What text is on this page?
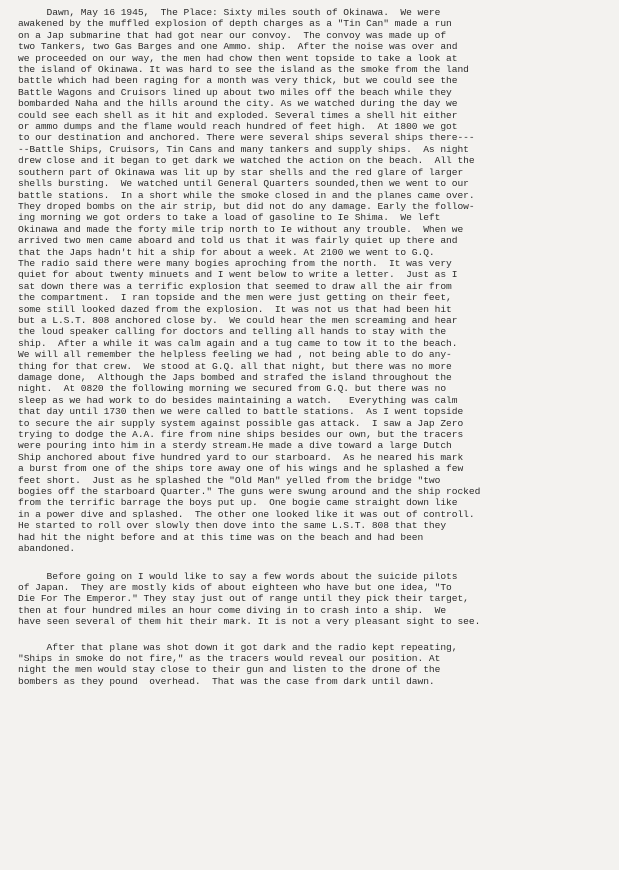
Dawn, May 16 1945,  The Place: Sixty miles south of Okinawa.  We were
awakened by the muffled explosion of depth charges as a "Tin Can" made a run
on a Jap submarine that had got near our convoy.  The convoy was made up of
two Tankers, two Gas Barges and one Ammo. ship.  After the noise was over and
we proceeded on our way, the men had chow then went topside to take a look at
the island of Okinawa. It was hard to see the island as the smoke from the land
battle which had been raging for a month was very thick, but we could see the
Battle Wagons and Cruisors lined up about two miles off the beach while they
bombarded Naha and the hills around the city. As we watched during the day we
could see each shell as it hit and exploded. Several times a shell hit either
or ammo dumps and the flame would reach hundred of feet high.  At 1800 we got
to our destination and anchored. There were several ships several ships there---
--Battle Ships, Cruisors, Tin Cans and many tankers and supply ships.  As night
drew close and it began to get dark we watched the action on the beach.  All the
southern part of Okinawa was lit up by star shells and the red glare of larger
shells bursting.  We watched until General Quarters sounded,then we went to our
battle stations.  In a short while the smoke closed in and the planes came over.
They droped bombs on the air strip, but did not do any damage. Early the follow-
ing morning we got orders to take a load of gasoline to Ie Shima.  We left
Okinawa and made the forty mile trip north to Ie without any trouble.  When we
arrived two men came aboard and told us that it was fairly quiet up there and
that the Japs hadn't hit a ship for about a week. At 2100 we went to G.Q.
The radio said there were many bogies aproching from the north.  It was very
quiet for about twenty minuets and I went below to write a letter.  Just as I
sat down there was a terrific explosion that seemed to draw all the air from
the compartment.  I ran topside and the men were just getting on their feet,
some still looked dazed from the explosion.  It was not us that had been hit
but a L.S.T. 808 anchored close by.  We could hear the men screaming and hear
the loud speaker calling for doctors and telling all hands to stay with the
ship.  After a while it was calm again and a tug came to tow it to the beach.
We will all remember the helpless feeling we had , not being able to do any-
thing for that crew.  We stood at G.Q. all that night, but there was no more
damage done,  Although the Japs bombed and strafed the island throughout the
night.  At 0820 the following morning we secured from G.Q. but there was no
sleep as we had work to do besides maintaining a watch.   Everything was calm
that day until 1730 then we were called to battle stations.  As I went topside
to secure the air supply system against possible gas attack.  I saw a Jap Zero
trying to dodge the A.A. fire from nine ships besides our own, but the tracers
were pouring into him in a sterdy stream.He made a dive toward a large Dutch
Ship anchored about five hundred yard to our starboard.  As he neared his mark
a burst from one of the ships tore away one of his wings and he splashed a few
feet short.  Just as he splashed the "Old Man" yelled from the bridge "two
bogies off the starboard Quarter." The guns were swung around and the ship rocked
from the terrific barrage the boys put up.  One bogie came straight down like
in a power dive and splashed.  The other one looked like it was out of controll.
He started to roll over slowly then dove into the same L.S.T. 808 that they
had hit the night before and at this time was on the beach and had been
abandoned.
Before going on I would like to say a few words about the suicide pilots
of Japan.  They are mostly kids of about eighteen who have but one idea, "To
Die For The Emperor." They stay just out of range until they pick their target,
then at four hundred miles an hour come diving in to crash into a ship.  We
have seen several of them hit their mark. It is not a very pleasant sight to see.
After that plane was shot down it got dark and the radio kept repeating,
"Ships in smoke do not fire," as the tracers would reveal our position. At
night the men would stay close to their gun and listen to the drone of the
bombers as they pound  overhead.  That was the case from dark until dawn.
